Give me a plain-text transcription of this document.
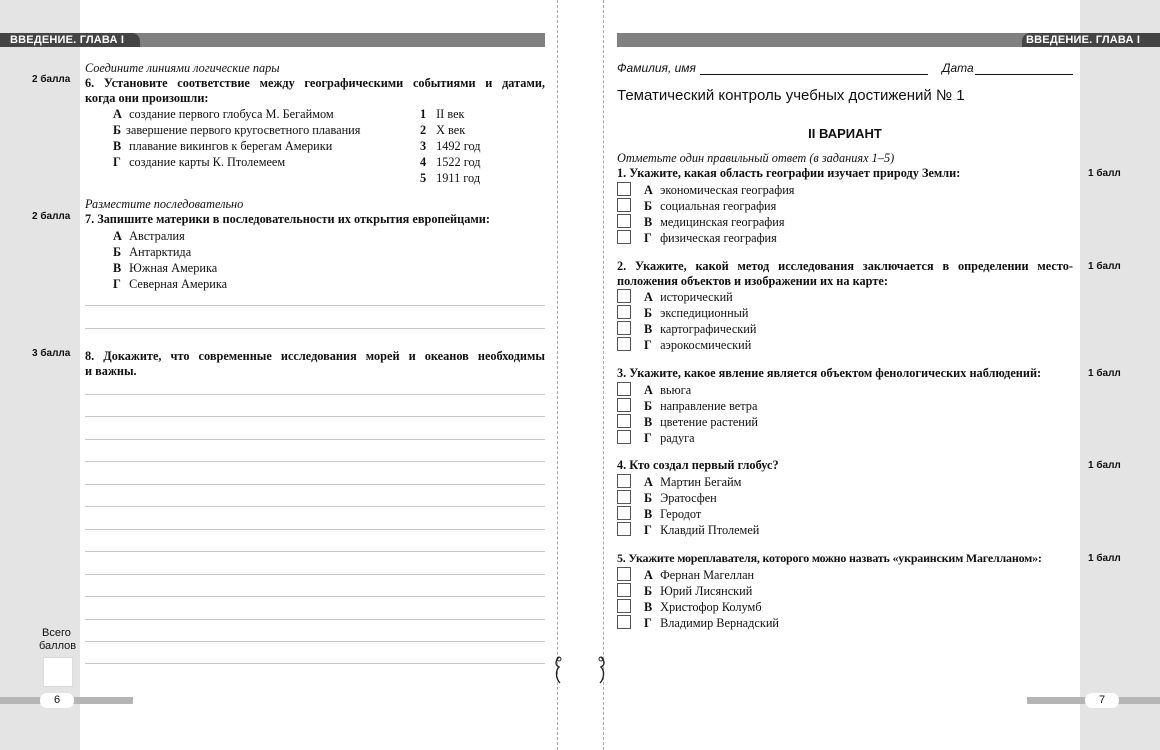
ВВЕДЕНИЕ. ГЛАВА I	ВВЕДЕНИЕ. ГЛАВА I
2 балла
Соедините линиями логические пары
6. Установите соответствие между географическими событиями и датами,
когда они произошли:
А создание первого глобуса М. Бегаймом
Б завершение первого кругосветного плавания
В плавание викингов к берегам Америки
Г создание карты К. Птолемеем
1 II век
2 X век
3 1492 год
4 1522 год
5 1911 год
2 балла
Разместите последовательно
7. Запишите материки в последовательности их открытия европейцами:
А Австралия
Б Антарктида
В Южная Америка
Г Северная Америка
3 балла 8. Докажите, что современные исследования морей и океанов необходимы
и важны.
Всего
баллов
6
Фамилия, имя	Дата
Тематический контроль учебных достижений № 1
II ВАРИАНТ
Отметьте один правильный ответ (в заданиях 1–5)
1 балл
1. Укажите, какая область географии изучает природу Земли:
А экономическая география
Б социальная география
В медицинская география
Г физическая география
1 балл
2. Укажите, какой метод исследования заключается в определении место-
положения объектов и изображении их на карте:
А исторический
Б экспедиционный
В картографический
Г аэрокосмический
1 балл
3. Укажите, какое явление является объектом фенологических наблюдений:
А вьюга
Б направление ветра
В цветение растений
Г радуга
1 балл
4. Кто создал первый глобус?
А Мартин Бегайм
Б Эратосфен
В Геродот
Г Клавдий Птолемей
1 балл
5. Укажите мореплавателя, которого можно назвать «украинским Магелланом»:
А Фернан Магеллан
Б Юрий Лисянский
В Христофор Колумб
Г Владимир Вернадский
7
